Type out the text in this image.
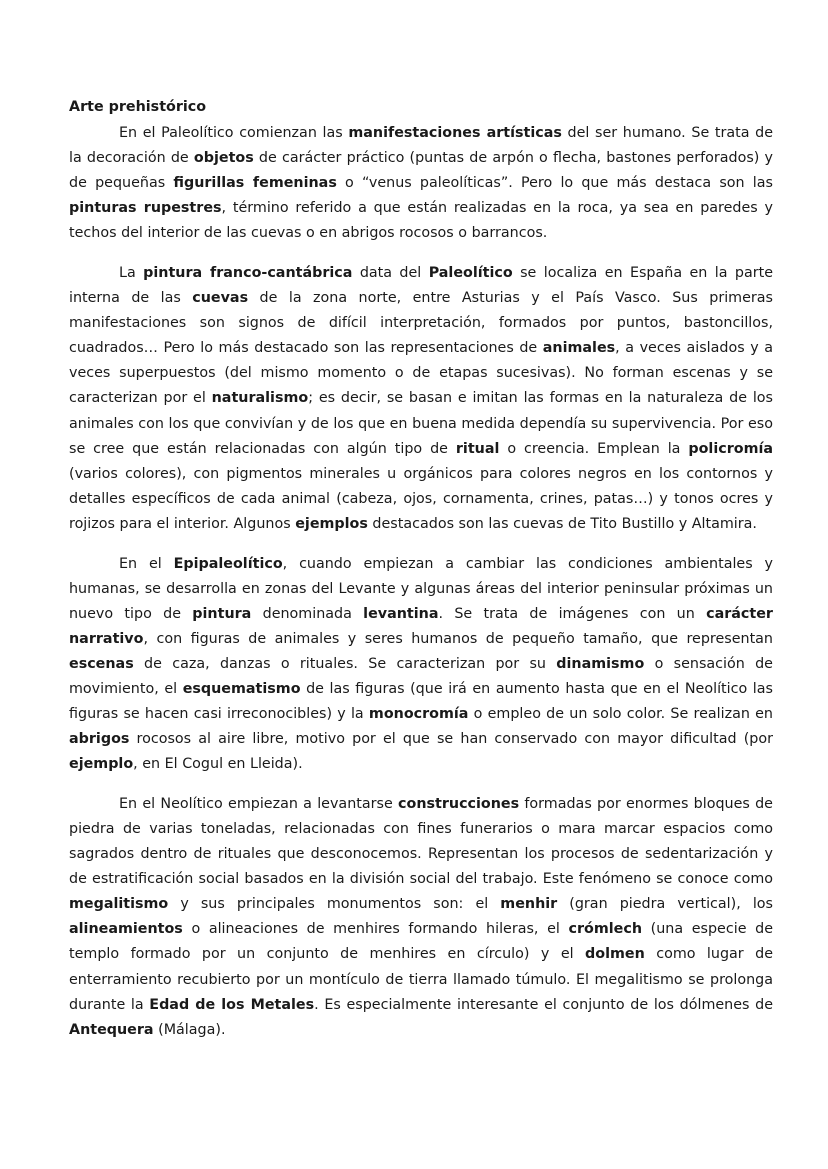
Arte prehistórico

En el Paleolítico comienzan las manifestaciones artísticas del ser humano. Se trata de la decoración de objetos de carácter práctico (puntas de arpón o flecha, bastones perforados) y de pequeñas figurillas femeninas o “venus paleolíticas”. Pero lo que más destaca son las pinturas rupestres, término referido a que están realizadas en la roca, ya sea en paredes y techos del interior de las cuevas o en abrigos rocosos o barrancos.

La pintura franco-cantábrica data del Paleolítico se localiza en España en la parte interna de las cuevas de la zona norte, entre Asturias y el País Vasco. Sus primeras manifestaciones son signos de difícil interpretación, formados por puntos, bastoncillos, cuadrados… Pero lo más destacado son las representaciones de animales, a veces aislados y a veces superpuestos (del mismo momento o de etapas sucesivas). No forman escenas y se caracterizan por el naturalismo; es decir, se basan e imitan las formas en la naturaleza de los animales con los que convivían y de los que en buena medida dependía su supervivencia. Por eso se cree que están relacionadas con algún tipo de ritual o creencia. Emplean la policromía (varios colores), con pigmentos minerales u orgánicos para colores negros en los contornos y detalles específicos de cada animal (cabeza, ojos, cornamenta, crines, patas…) y tonos ocres y rojizos para el interior. Algunos ejemplos destacados son las cuevas de Tito Bustillo y Altamira.

En el Epipaleolítico, cuando empiezan a cambiar las condiciones ambientales y humanas, se desarrolla en zonas del Levante y algunas áreas del interior peninsular próximas un nuevo tipo de pintura denominada levantina. Se trata de imágenes con un carácter narrativo, con figuras de animales y seres humanos de pequeño tamaño, que representan escenas de caza, danzas o rituales. Se caracterizan por su dinamismo o sensación de movimiento, el esquematismo de las figuras (que irá en aumento hasta que en el Neolítico las figuras se hacen casi irreconocibles) y la monocromía o empleo de un solo color. Se realizan en abrigos rocosos al aire libre, motivo por el que se han conservado con mayor dificultad (por ejemplo, en El Cogul en Lleida).

En el Neolítico empiezan a levantarse construcciones formadas por enormes bloques de piedra de varias toneladas, relacionadas con fines funerarios o mara marcar espacios como sagrados dentro de rituales que desconocemos. Representan los procesos de sedentarización y de estratificación social basados en la división social del trabajo. Este fenómeno se conoce como megalitismo y sus principales monumentos son: el menhir (gran piedra vertical), los alineamientos o alineaciones de menhires formando hileras, el crómlech (una especie de templo formado por un conjunto de menhires en círculo) y el dolmen como lugar de enterramiento recubierto por un montículo de tierra llamado túmulo. El megalitismo se prolonga durante la Edad de los Metales. Es especialmente interesante el conjunto de los dólmenes de Antequera (Málaga).
